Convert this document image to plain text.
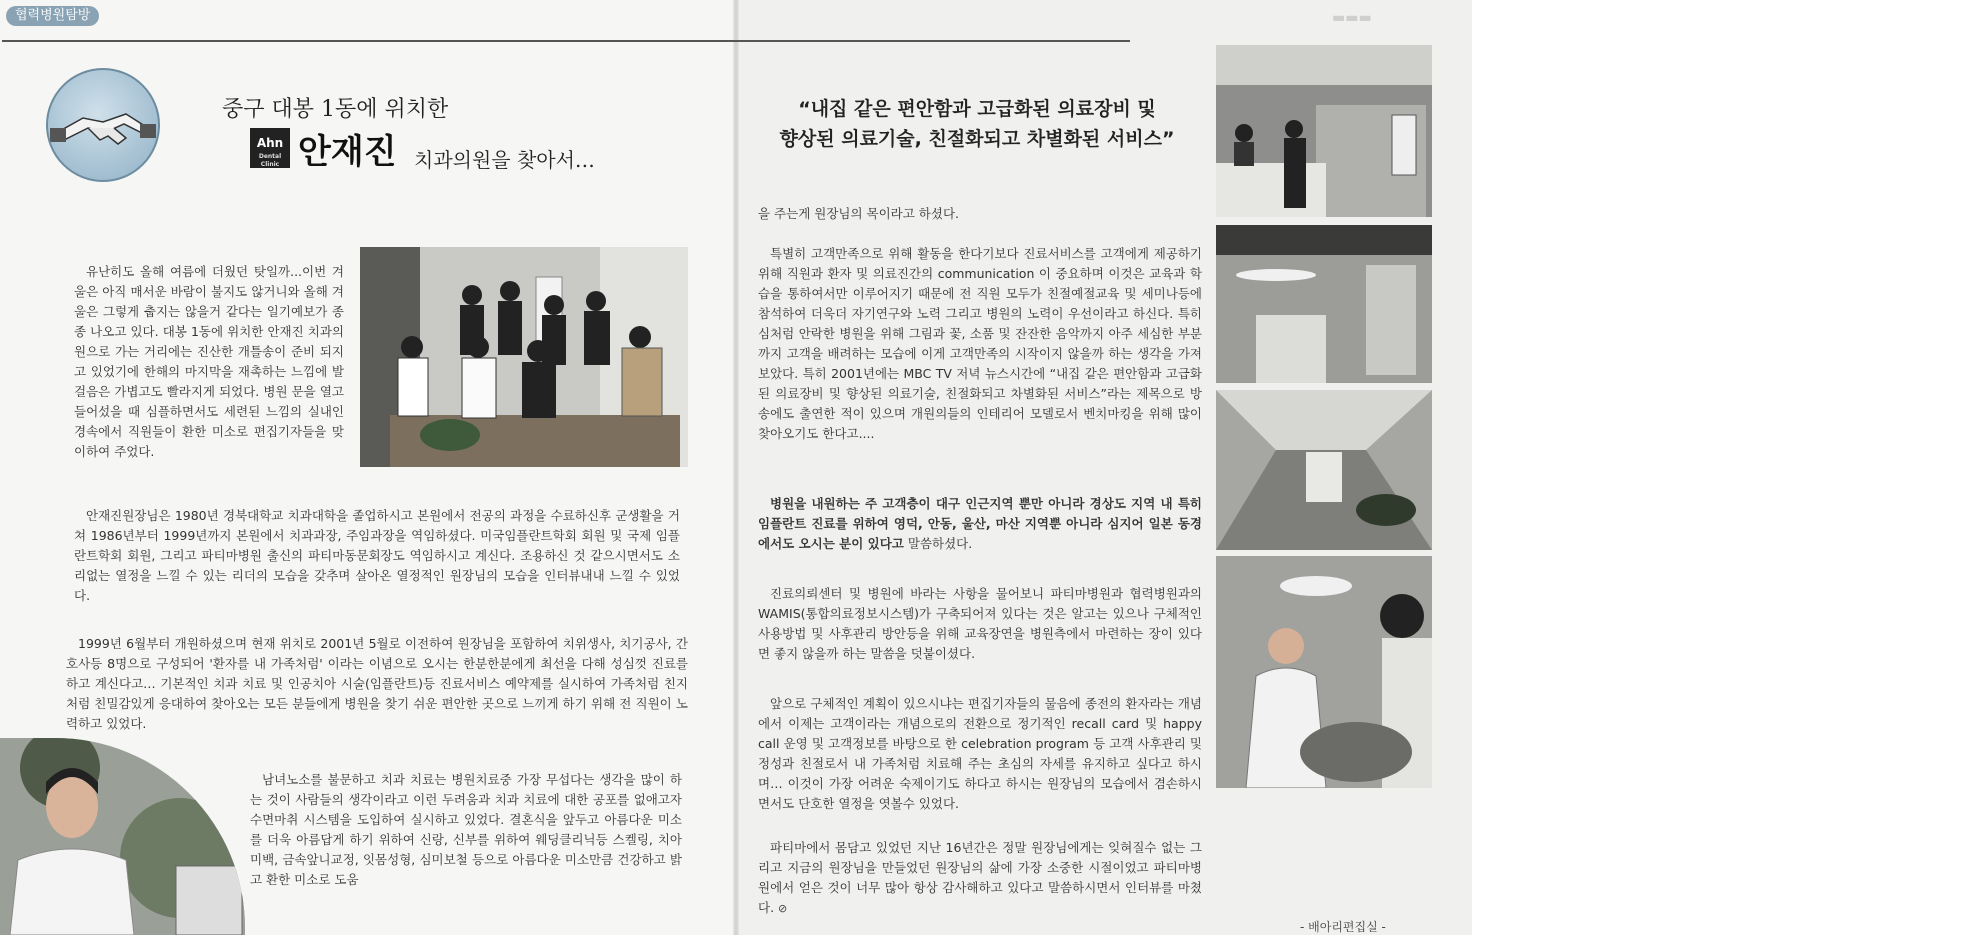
협력병원탐방	▬▬▬
중구 대봉 1동에 위치한
Ahn
Dental Clinic 안재진 치과의원을 찾아서…

유난히도 올해 여름에 더웠던 탓일까...이번 겨울은 아직 매서운 바람이 불지도 않거니와 올해 겨울은 그렇게 춥지는 않을거 같다는 일기예보가 종종 나오고 있다. 대봉 1동에 위치한 안재진 치과의원으로 가는 거리에는 진산한 개틀송이 준비 되지고 있었기에 한해의 마지막을 재촉하는 느낌에 발걸음은 가볍고도 빨라지게 되었다. 병원 문을 열고 들어섰을 때 심플하면서도 세련된 느낌의 실내인경속에서 직원들이 환한 미소로 편집기자들을 맞이하여 주었다.

안재진원장님은 1980년 경북대학교 치과대학을 졸업하시고 본원에서 전공의 과정을 수료하신후 군생활을 거쳐 1986년부터 1999년까지 본원에서 치과과장, 주임과장을 역임하셨다. 미국임플란트학회 회원 및 국제 임플란트학회 회원, 그리고 파티마병원 출신의 파티마동문회장도 역임하시고 계신다. 조용하신 것 같으시면서도 소리없는 열정을 느낄 수 있는 리더의 모습을 갖추며 살아온 열정적인 원장님의 모습을 인터뷰내내 느낄 수 있었다.

1999년 6월부터 개원하셨으며 현재 위치로 2001년 5월로 이전하여 원장님을 포함하여 치위생사, 치기공사, 간호사등 8명으로 구성되어 '환자를 내 가족처럼' 이라는 이념으로 오시는 한분한분에게 최선을 다해 성심껏 진료를 하고 계신다고… 기본적인 치과 치료 및 인공치아 시술(임플란트)등 진료서비스 예약제를 실시하여 가족처럼 친지처럼 친밀감있게 응대하여 찾아오는 모든 분들에게 병원을 찾기 쉬운 편안한 곳으로 느끼게 하기 위해 전 직원이 노력하고 있었다.

남녀노소를 불문하고 치과 치료는 병원치료중 가장 무섭다는 생각을 많이 하는 것이 사람들의 생각이라고 이런 두려움과 치과 치료에 대한 공포를 없애고자 수면마취 시스템을 도입하여 실시하고 있었다. 결혼식을 앞두고 아름다운 미소를 더욱 아름답게 하기 위하여 신랑, 신부를 위하여 웨딩클리닉등 스켈링, 치아미백, 금속앞니교정, 잇몸성형, 심미보철 등으로 아름다운 미소만큼 건강하고 밝고 환한 미소로 도움

“내집 같은 편안함과 고급화된 의료장비 및
향상된 의료기술, 친절화되고 차별화된 서비스”

을 주는게 원장님의 목이라고 하셨다.

특별히 고객만족으로 위해 활동을 한다기보다 진료서비스를 고객에게 제공하기 위해 직원과 환자 및 의료진간의 communication 이 중요하며 이것은 교육과 학습을 통하여서만 이루어지기 때문에 전 직원 모두가 친절예절교육 및 세미나등에 참석하여 더욱더 자기연구와 노력 그리고 병원의 노력이 우선이라고 하신다. 특히 심처럼 안락한 병원을 위해 그림과 꽃, 소품 및 잔잔한 음악까지 아주 세심한 부분까지 고객을 배려하는 모습에 이게 고객만족의 시작이지 않을까 하는 생각을 가져보았다. 특히 2001년에는 MBC TV 저녁 뉴스시간에 “내집 같은 편안함과 고급화된 의료장비 및 향상된 의료기술, 친절화되고 차별화된 서비스”라는 제목으로 방송에도 출연한 적이 있으며 개원의들의 인테리어 모델로서 벤치마킹을 위해 많이 찾아오기도 한다고....

병원을 내원하는 주 고객층이 대구 인근지역 뿐만 아니라 경상도 지역 내 특히 임플란트 진료를 위하여 영덕, 안동, 울산, 마산 지역뿐 아니라 심지어 일본 동경에서도 오시는 분이 있다고 말씀하셨다.

진료의뢰센터 및 병원에 바라는 사항을 물어보니 파티마병원과 협력병원과의 WAMIS(통합의료정보시스템)가 구축되어져 있다는 것은 알고는 있으나 구체적인 사용방법 및 사후관리 방안등을 위해 교육장연을 병원측에서 마련하는 장이 있다면 좋지 않을까 하는 말씀을 덧붙이셨다.

앞으로 구체적인 계획이 있으시냐는 편집기자들의 물음에 종전의 환자라는 개념에서 이제는 고객이라는 개념으로의 전환으로 정기적인 recall card 및 happy call 운영 및 고객정보를 바탕으로 한 celebration program 등 고객 사후관리 및 정성과 친절로서 내 가족처럼 치료해 주는 초심의 자세를 유지하고 싶다고 하시며… 이것이 가장 어려운 숙제이기도 하다고 하시는 원장님의 모습에서 겸손하시면서도 단호한 열정을 엿볼수 있었다.

파티마에서 몸담고 있었던 지난 16년간은 정말 원장님에게는 잊혀질수 없는 그리고 지금의 원장님을 만들었던 원장님의 삶에 가장 소중한 시절이었고 파티마병원에서 얻은 것이 너무 많아 항상 감사해하고 있다고 말씀하시면서 인터뷰를 마쳤다. ⊘

- 배아리편집실 -
